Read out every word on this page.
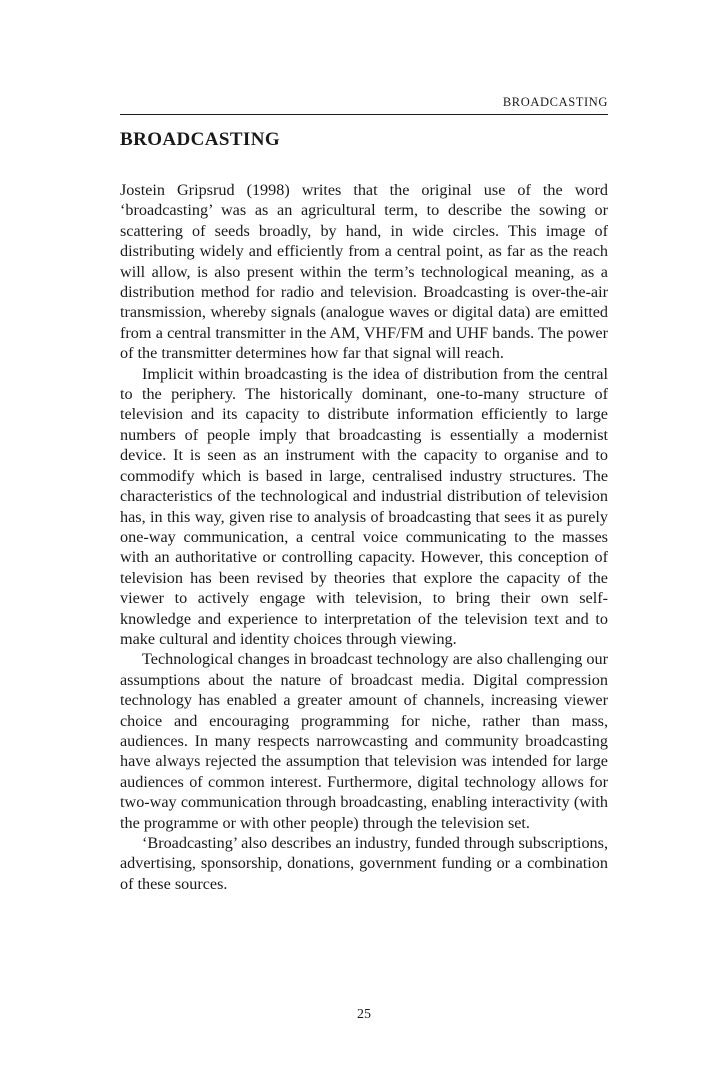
BROADCASTING
BROADCASTING

Jostein Gripsrud (1998) writes that the original use of the word ‘broadcasting’ was as an agricultural term, to describe the sowing or scattering of seeds broadly, by hand, in wide circles. This image of distributing widely and efficiently from a central point, as far as the reach will allow, is also present within the term’s technological meaning, as a distribution method for radio and television. Broadcasting is over-the-air transmission, whereby signals (analogue waves or digital data) are emitted from a central transmitter in the AM, VHF/FM and UHF bands. The power of the transmitter determines how far that signal will reach.

Implicit within broadcasting is the idea of distribution from the central to the periphery. The historically dominant, one-to-many structure of television and its capacity to distribute information efficiently to large numbers of people imply that broadcasting is essentially a modernist device. It is seen as an instrument with the capacity to organise and to commodify which is based in large, centralised industry structures. The characteristics of the technological and industrial distribution of television has, in this way, given rise to analysis of broadcasting that sees it as purely one-way communication, a central voice communicating to the masses with an authoritative or controlling capacity. However, this conception of television has been revised by theories that explore the capacity of the viewer to actively engage with television, to bring their own self-knowledge and experience to interpretation of the television text and to make cultural and identity choices through viewing.

Technological changes in broadcast technology are also challenging our assumptions about the nature of broadcast media. Digital compression technology has enabled a greater amount of channels, increasing viewer choice and encouraging programming for niche, rather than mass, audiences. In many respects narrowcasting and community broadcasting have always rejected the assumption that television was intended for large audiences of common interest. Furthermore, digital technology allows for two-way communication through broadcasting, enabling interactivity (with the programme or with other people) through the television set.

‘Broadcasting’ also describes an industry, funded through subscriptions, advertising, sponsorship, donations, government funding or a combination of these sources.

25
